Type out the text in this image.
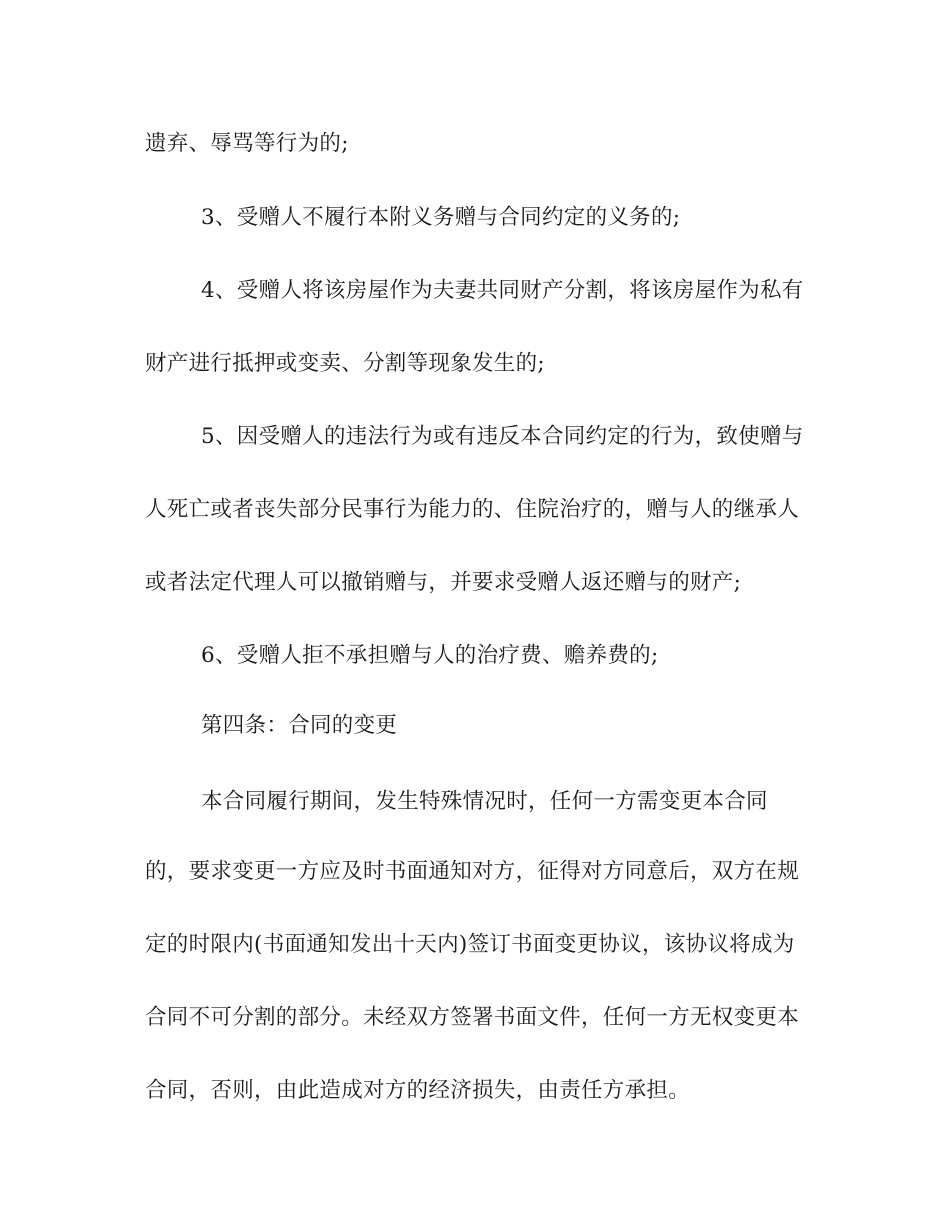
遗弃、辱骂等行为的;

3、受赠人不履行本附义务赠与合同约定的义务的;

4、受赠人将该房屋作为夫妻共同财产分割，将该房屋作为私有

财产进行抵押或变卖、分割等现象发生的;

5、因受赠人的违法行为或有违反本合同约定的行为，致使赠与

人死亡或者丧失部分民事行为能力的、住院治疗的，赠与人的继承人

或者法定代理人可以撤销赠与，并要求受赠人返还赠与的财产;

6、受赠人拒不承担赠与人的治疗费、赡养费的;

第四条：合同的变更

本合同履行期间，发生特殊情况时，任何一方需变更本合同

的，要求变更一方应及时书面通知对方，征得对方同意后，双方在规

定的时限内(书面通知发出十天内)签订书面变更协议，该协议将成为

合同不可分割的部分。未经双方签署书面文件，任何一方无权变更本

合同，否则，由此造成对方的经济损失，由责任方承担。
